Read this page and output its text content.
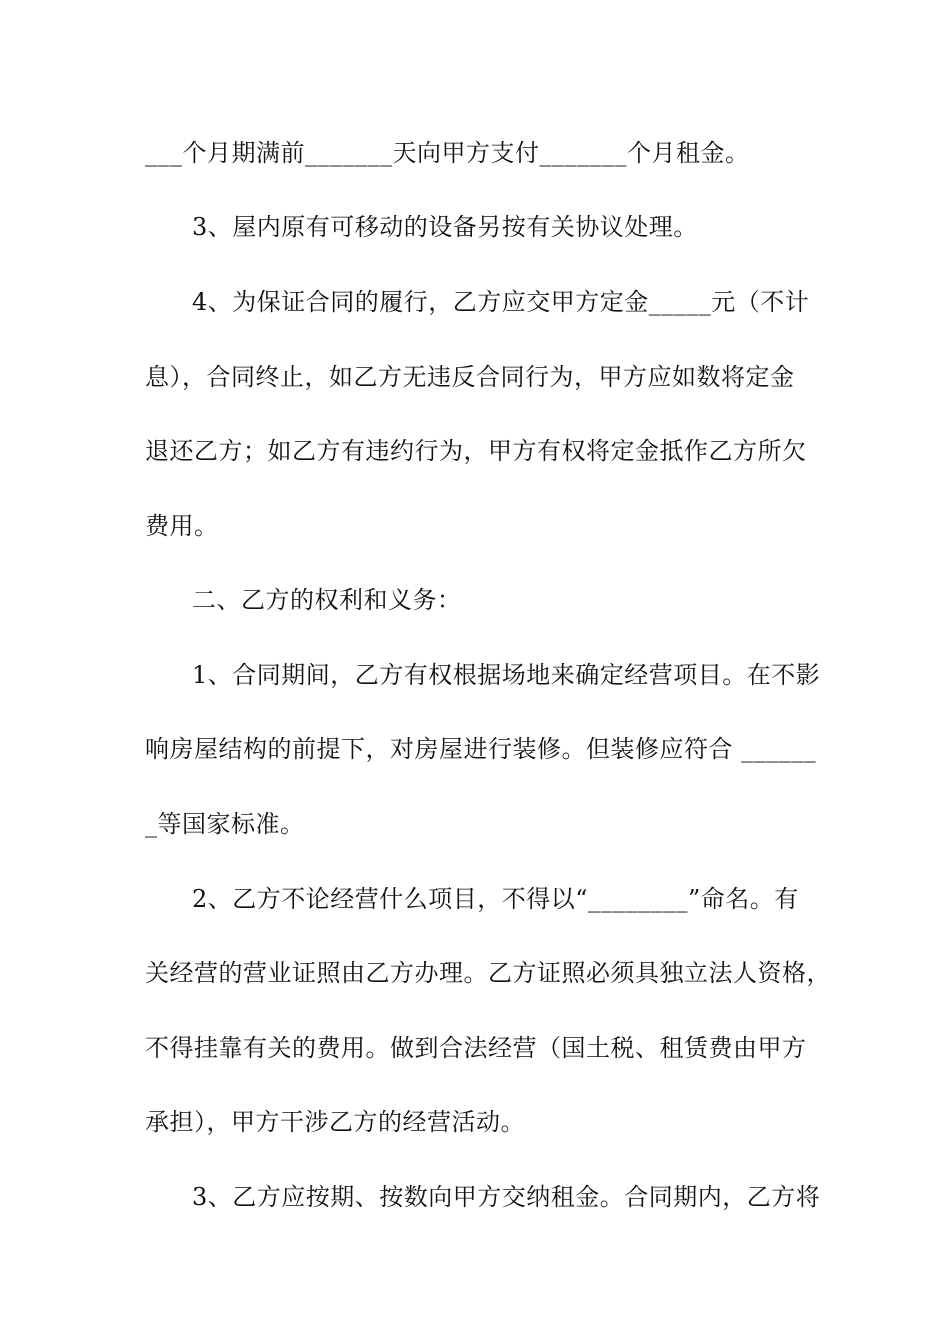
___个月期满前_______天向甲方支付_______个月租金。
3、屋内原有可移动的设备另按有关协议处理。
4、为保证合同的履行，乙方应交甲方定金_____元（不计
息），合同终止，如乙方无违反合同行为，甲方应如数将定金
退还乙方；如乙方有违约行为，甲方有权将定金抵作乙方所欠
费用。
二、乙方的权利和义务：
1、合同期间，乙方有权根据场地来确定经营项目。在不影
响房屋结构的前提下，对房屋进行装修。但装修应符合 ______
_等国家标准。
2、乙方不论经营什么项目，不得以“________”命名。有
关经营的营业证照由乙方办理。乙方证照必须具独立法人资格，
不得挂靠有关的费用。做到合法经营（国土税、租赁费由甲方
承担），甲方干涉乙方的经营活动。
3、乙方应按期、按数向甲方交纳租金。合同期内，乙方将
